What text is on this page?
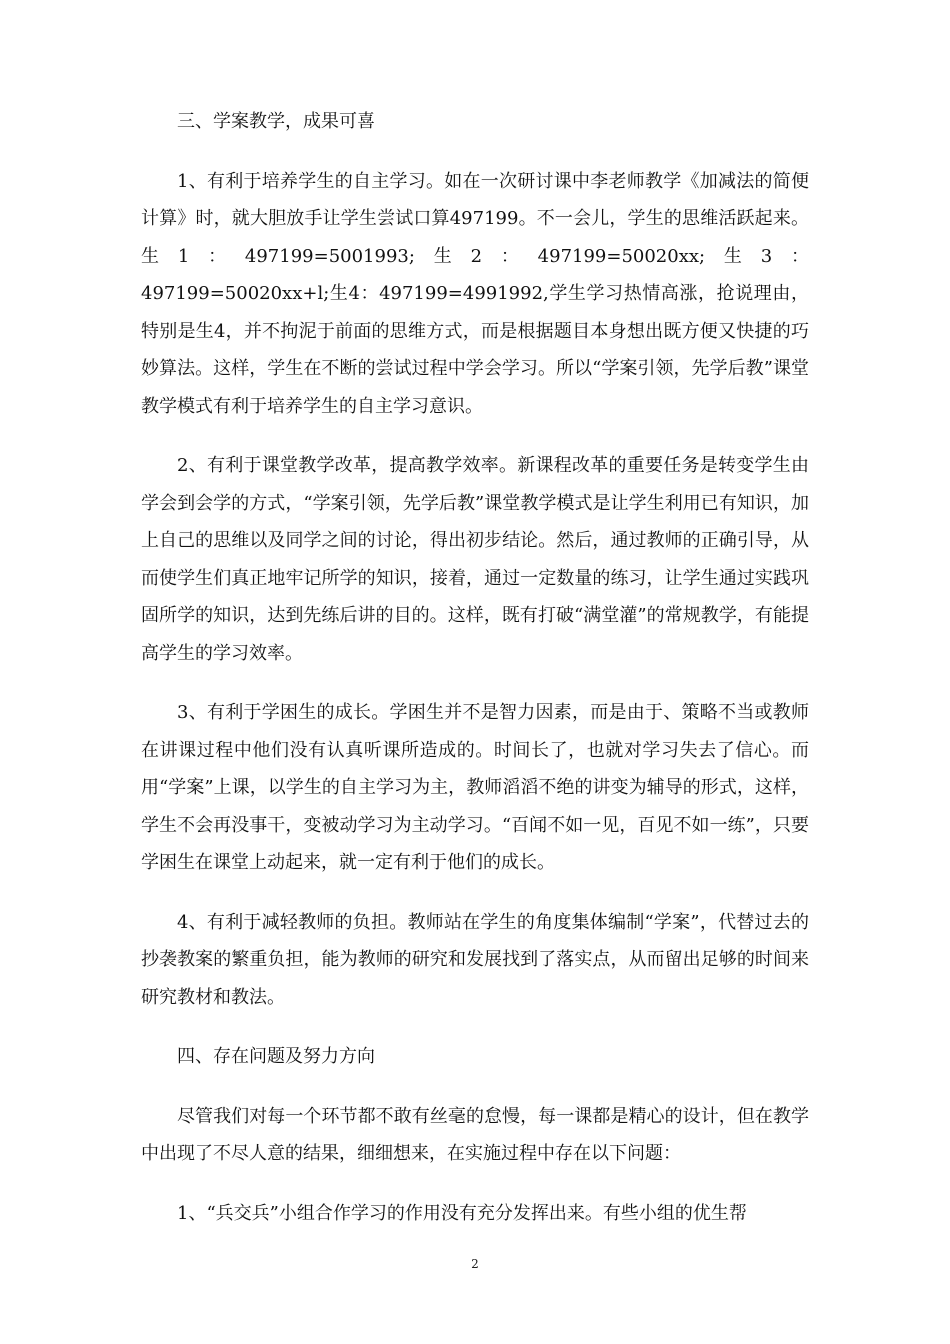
三、学案教学，成果可喜

1、有利于培养学生的自主学习。如在一次研讨课中李老师教学《加减法的简便计算》时，就大胆放手让学生尝试口算497199。不一会儿，学生的思维活跃起来。生1：497199=5001993;生2：497199=50020xx;生3：497199=50020xx+l;生4：497199=4991992,学生学习热情高涨，抢说理由，特别是生4，并不拘泥于前面的思维方式，而是根据题目本身想出既方便又快捷的巧妙算法。这样，学生在不断的尝试过程中学会学习。所以“学案引领，先学后教”课堂教学模式有利于培养学生的自主学习意识。

2、有利于课堂教学改革，提高教学效率。新课程改革的重要任务是转变学生由学会到会学的方式，“学案引领，先学后教”课堂教学模式是让学生利用已有知识，加上自己的思维以及同学之间的讨论，得出初步结论。然后，通过教师的正确引导，从而使学生们真正地牢记所学的知识，接着，通过一定数量的练习，让学生通过实践巩固所学的知识，达到先练后讲的目的。这样，既有打破“满堂灌”的常规教学，有能提高学生的学习效率。

3、有利于学困生的成长。学困生并不是智力因素，而是由于、策略不当或教师在讲课过程中他们没有认真听课所造成的。时间长了，也就对学习失去了信心。而用“学案”上课，以学生的自主学习为主，教师滔滔不绝的讲变为辅导的形式，这样，学生不会再没事干，变被动学习为主动学习。“百闻不如一见，百见不如一练”，只要学困生在课堂上动起来，就一定有利于他们的成长。

4、有利于减轻教师的负担。教师站在学生的角度集体编制“学案”，代替过去的抄袭教案的繁重负担，能为教师的研究和发展找到了落实点，从而留出足够的时间来研究教材和教法。

四、存在问题及努力方向

尽管我们对每一个环节都不敢有丝毫的怠慢，每一课都是精心的设计，但在教学中出现了不尽人意的结果，细细想来，在实施过程中存在以下问题：

1、“兵交兵”小组合作学习的作用没有充分发挥出来。有些小组的优生帮

2
